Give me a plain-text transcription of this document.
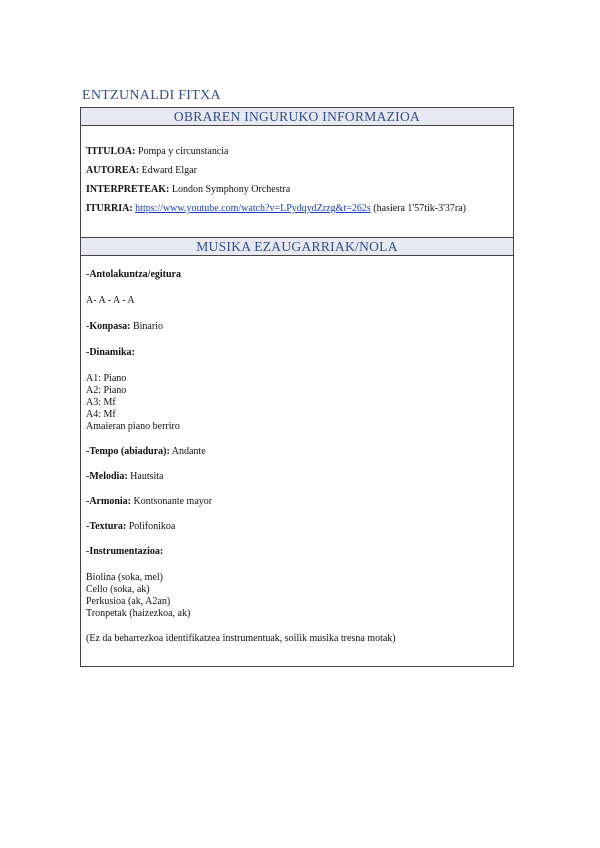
ENTZUNALDI FITXA
OBRAREN INGURUKO INFORMAZIOA
TITULOA: Pompa y circunstancia
AUTOREA: Edward Elgar
INTERPRETEAK: London Symphony Orchestra
ITURRIA: https://www.youtube.com/watch?v=LPydqydZrzg&t=262s (hasiera 1'57tik-3'37ra)
MUSIKA EZAUGARRIAK/NOLA
-Antolakuntza/egitura
A- A - A - A
-Konpasa: Binario
-Dinamika:
A1: Piano
A2: Piano
A3: Mf
A4: Mf
Amaieran piano berriro
-Tempo (abiadura): Andante
-Melodia: Hautsita
-Armonia: Kontsonante mayor
-Textura: Polifonikoa
-Instrumentazioa:
Biolina (soka, mel)
Cello (soka, ak)
Perkusioa (ak, A2an)
Tronpetak (haizezkoa, ak)
(Ez da beharrezkoa identifikatzea instrumentuak, soilik musika tresna motak)
